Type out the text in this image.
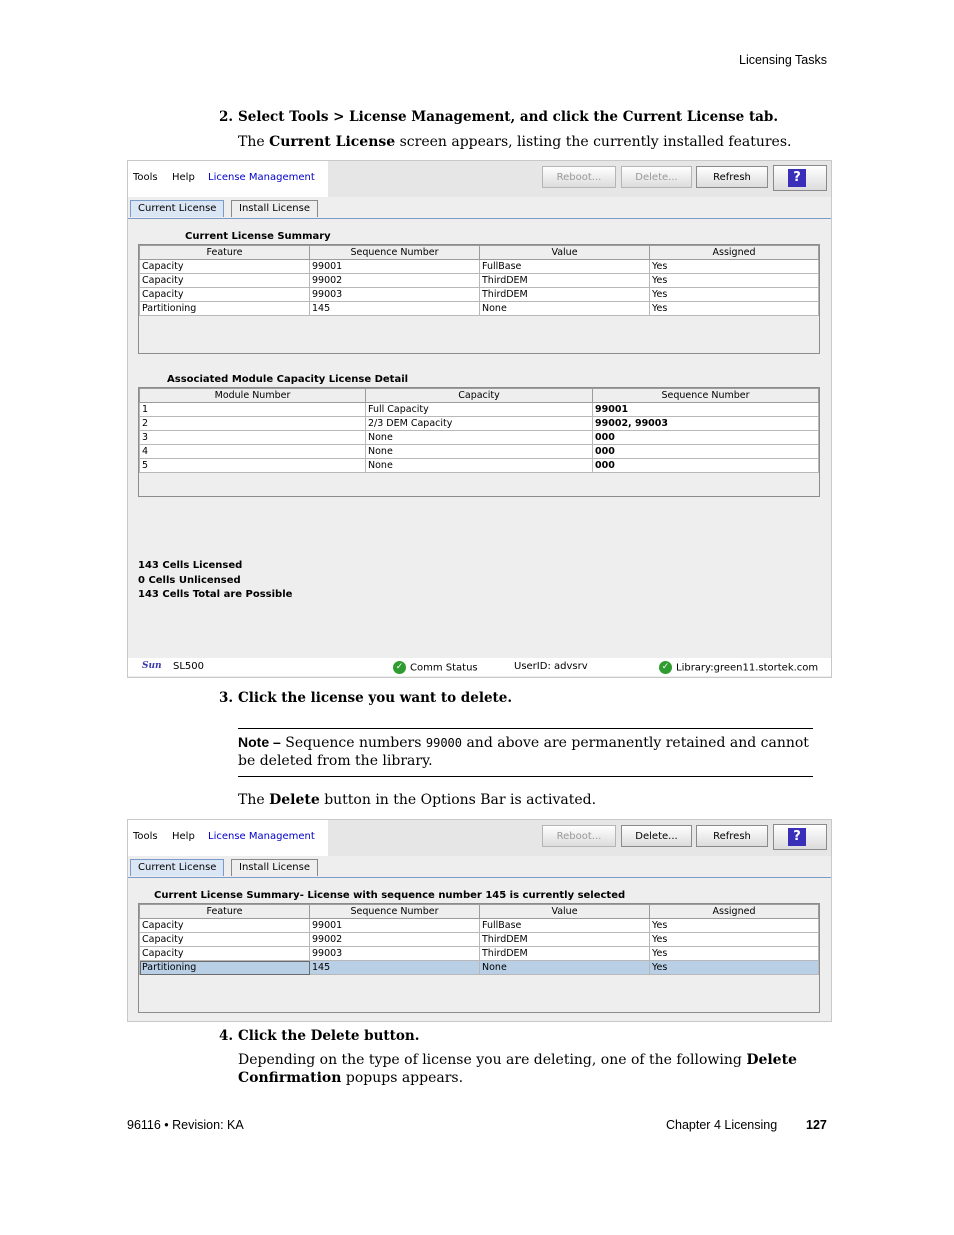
Licensing Tasks
2. Select Tools > License Management, and click the Current License tab.
The Current License screen appears, listing the currently installed features.
Tools Help License Management	Reboot...	Delete...	Refresh	?
Current License	Install License
Current License Summary
Feature	Sequence Number	Value	Assigned
Capacity	99001	FullBase	Yes
Capacity	99002	ThirdDEM	Yes
Capacity	99003	ThirdDEM	Yes
Partitioning	145	None	Yes
Associated Module Capacity License Detail
Module Number	Capacity	Sequence Number
1	Full Capacity	99001
2	2/3 DEM Capacity	99002, 99003
3	None	000
4	None	000
5	None	000
143 Cells Licensed
0 Cells Unlicensed
143 Cells Total are Possible
Sun SL500	✓ Comm Status	UserID: advsrv	✓ Library:green11.stortek.com
3. Click the license you want to delete.
Note – Sequence numbers 99000 and above are permanently retained and cannot be deleted from the library.
The Delete button in the Options Bar is activated.
Tools Help License Management	Reboot...	Delete...	Refresh	?
Current License	Install License
Current License Summary- License with sequence number 145 is currently selected
Feature	Sequence Number	Value	Assigned
Capacity	99001	FullBase	Yes
Capacity	99002	ThirdDEM	Yes
Capacity	99003	ThirdDEM	Yes
Partitioning	145	None	Yes
4. Click the Delete button.
Depending on the type of license you are deleting, one of the following Delete Confirmation popups appears.
96116 • Revision: KA	Chapter 4 Licensing 127
